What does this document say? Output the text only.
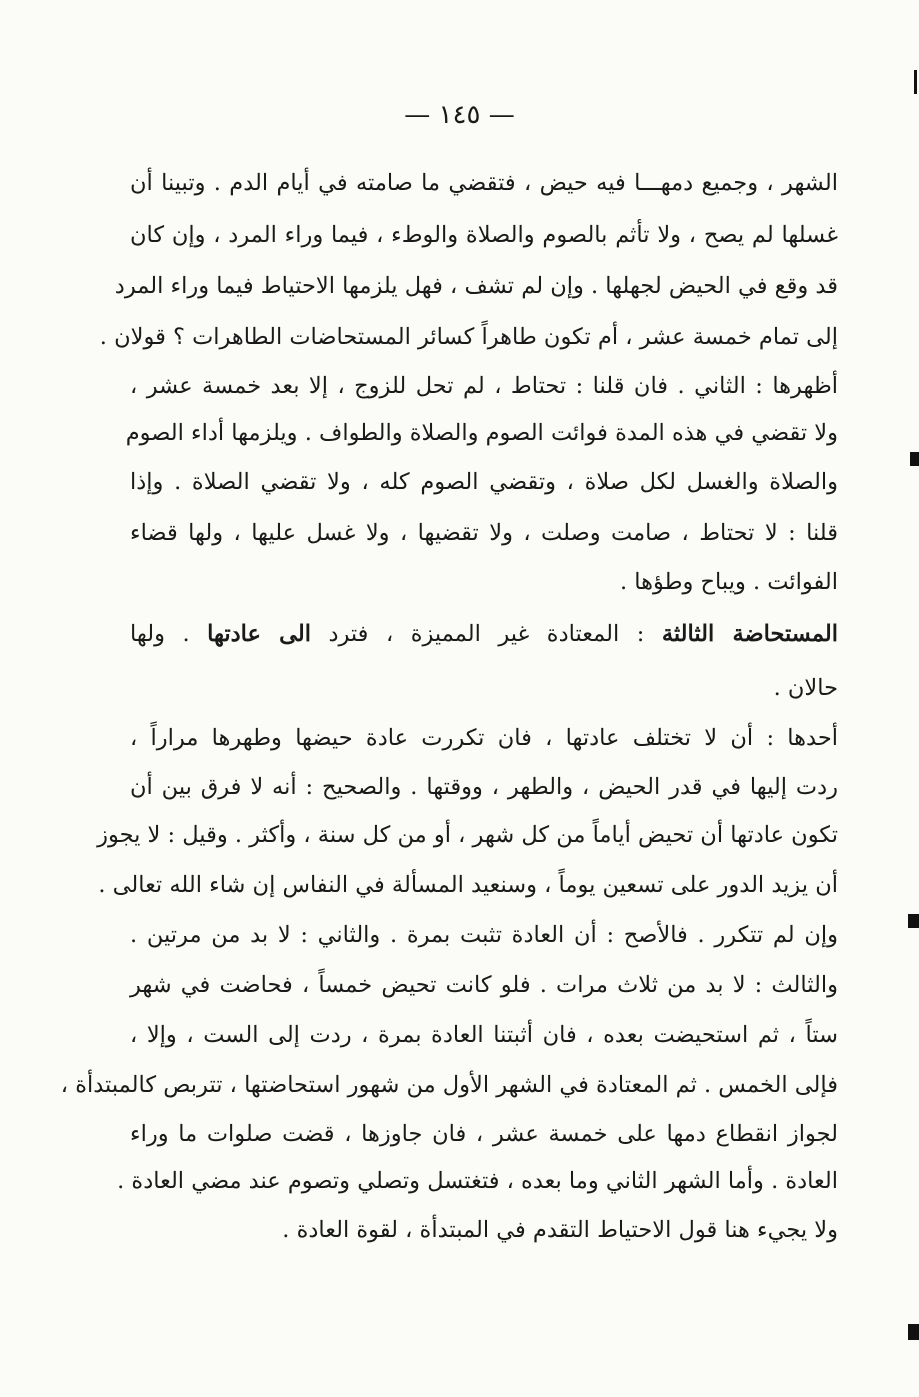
— ١٤٥ —
الشهر ، وجميع دمهـــا فيه حيض ، فتقضي ما صامته في أيام الدم . وتبينا أن
غسلها لم يصح ، ولا تأثم بالصوم والصلاة والوطء ، فيما وراء المرد ، وإن كان
قد وقع في الحيض لجهلها . وإن لم تشف ، فهل يلزمها الاحتياط فيما وراء المرد
إلى تمام خمسة عشر ، أم تكون طاهراً كسائر المستحاضات الطاهرات ؟ قولان .
أظهرها : الثاني . فان قلنا : تحتاط ، لم تحل للزوج ، إلا بعد خمسة عشر ،
ولا تقضي في هذه المدة فوائت الصوم والصلاة والطواف . ويلزمها أداء الصوم
والصلاة والغسل لكل صلاة ، وتقضي الصوم كله ، ولا تقضي الصلاة . وإذا
قلنا : لا تحتاط ، صامت وصلت ، ولا تقضيها ، ولا غسل عليها ، ولها قضاء
الفوائت . ويباح وطؤها .
المستحاضة الثالثة : المعتادة غير المميزة ، فترد الى عادتها . ولها
حالان .
أحدها : أن لا تختلف عادتها ، فان تكررت عادة حيضها وطهرها مراراً ،
ردت إليها في قدر الحيض ، والطهر ، ووقتها . والصحيح : أنه لا فرق بين أن
تكون عادتها أن تحيض أياماً من كل شهر ، أو من كل سنة ، وأكثر . وقيل : لا يجوز
أن يزيد الدور على تسعين يوماً ، وسنعيد المسألة في النفاس إن شاء الله تعالى .
وإن لم تتكرر . فالأصح : أن العادة تثبت بمرة . والثاني : لا بد من مرتين .
والثالث : لا بد من ثلاث مرات . فلو كانت تحيض خمساً ، فحاضت في شهر
ستاً ، ثم استحيضت بعده ، فان أثبتنا العادة بمرة ، ردت إلى الست ، وإلا ،
فإلى الخمس . ثم المعتادة في الشهر الأول من شهور استحاضتها ، تتربص كالمبتدأة ،
لجواز انقطاع دمها على خمسة عشر ، فان جاوزها ، قضت صلوات ما وراء
العادة . وأما الشهر الثاني وما بعده ، فتغتسل وتصلي وتصوم عند مضي العادة .
ولا يجيء هنا قول الاحتياط التقدم في المبتدأة ، لقوة العادة .
